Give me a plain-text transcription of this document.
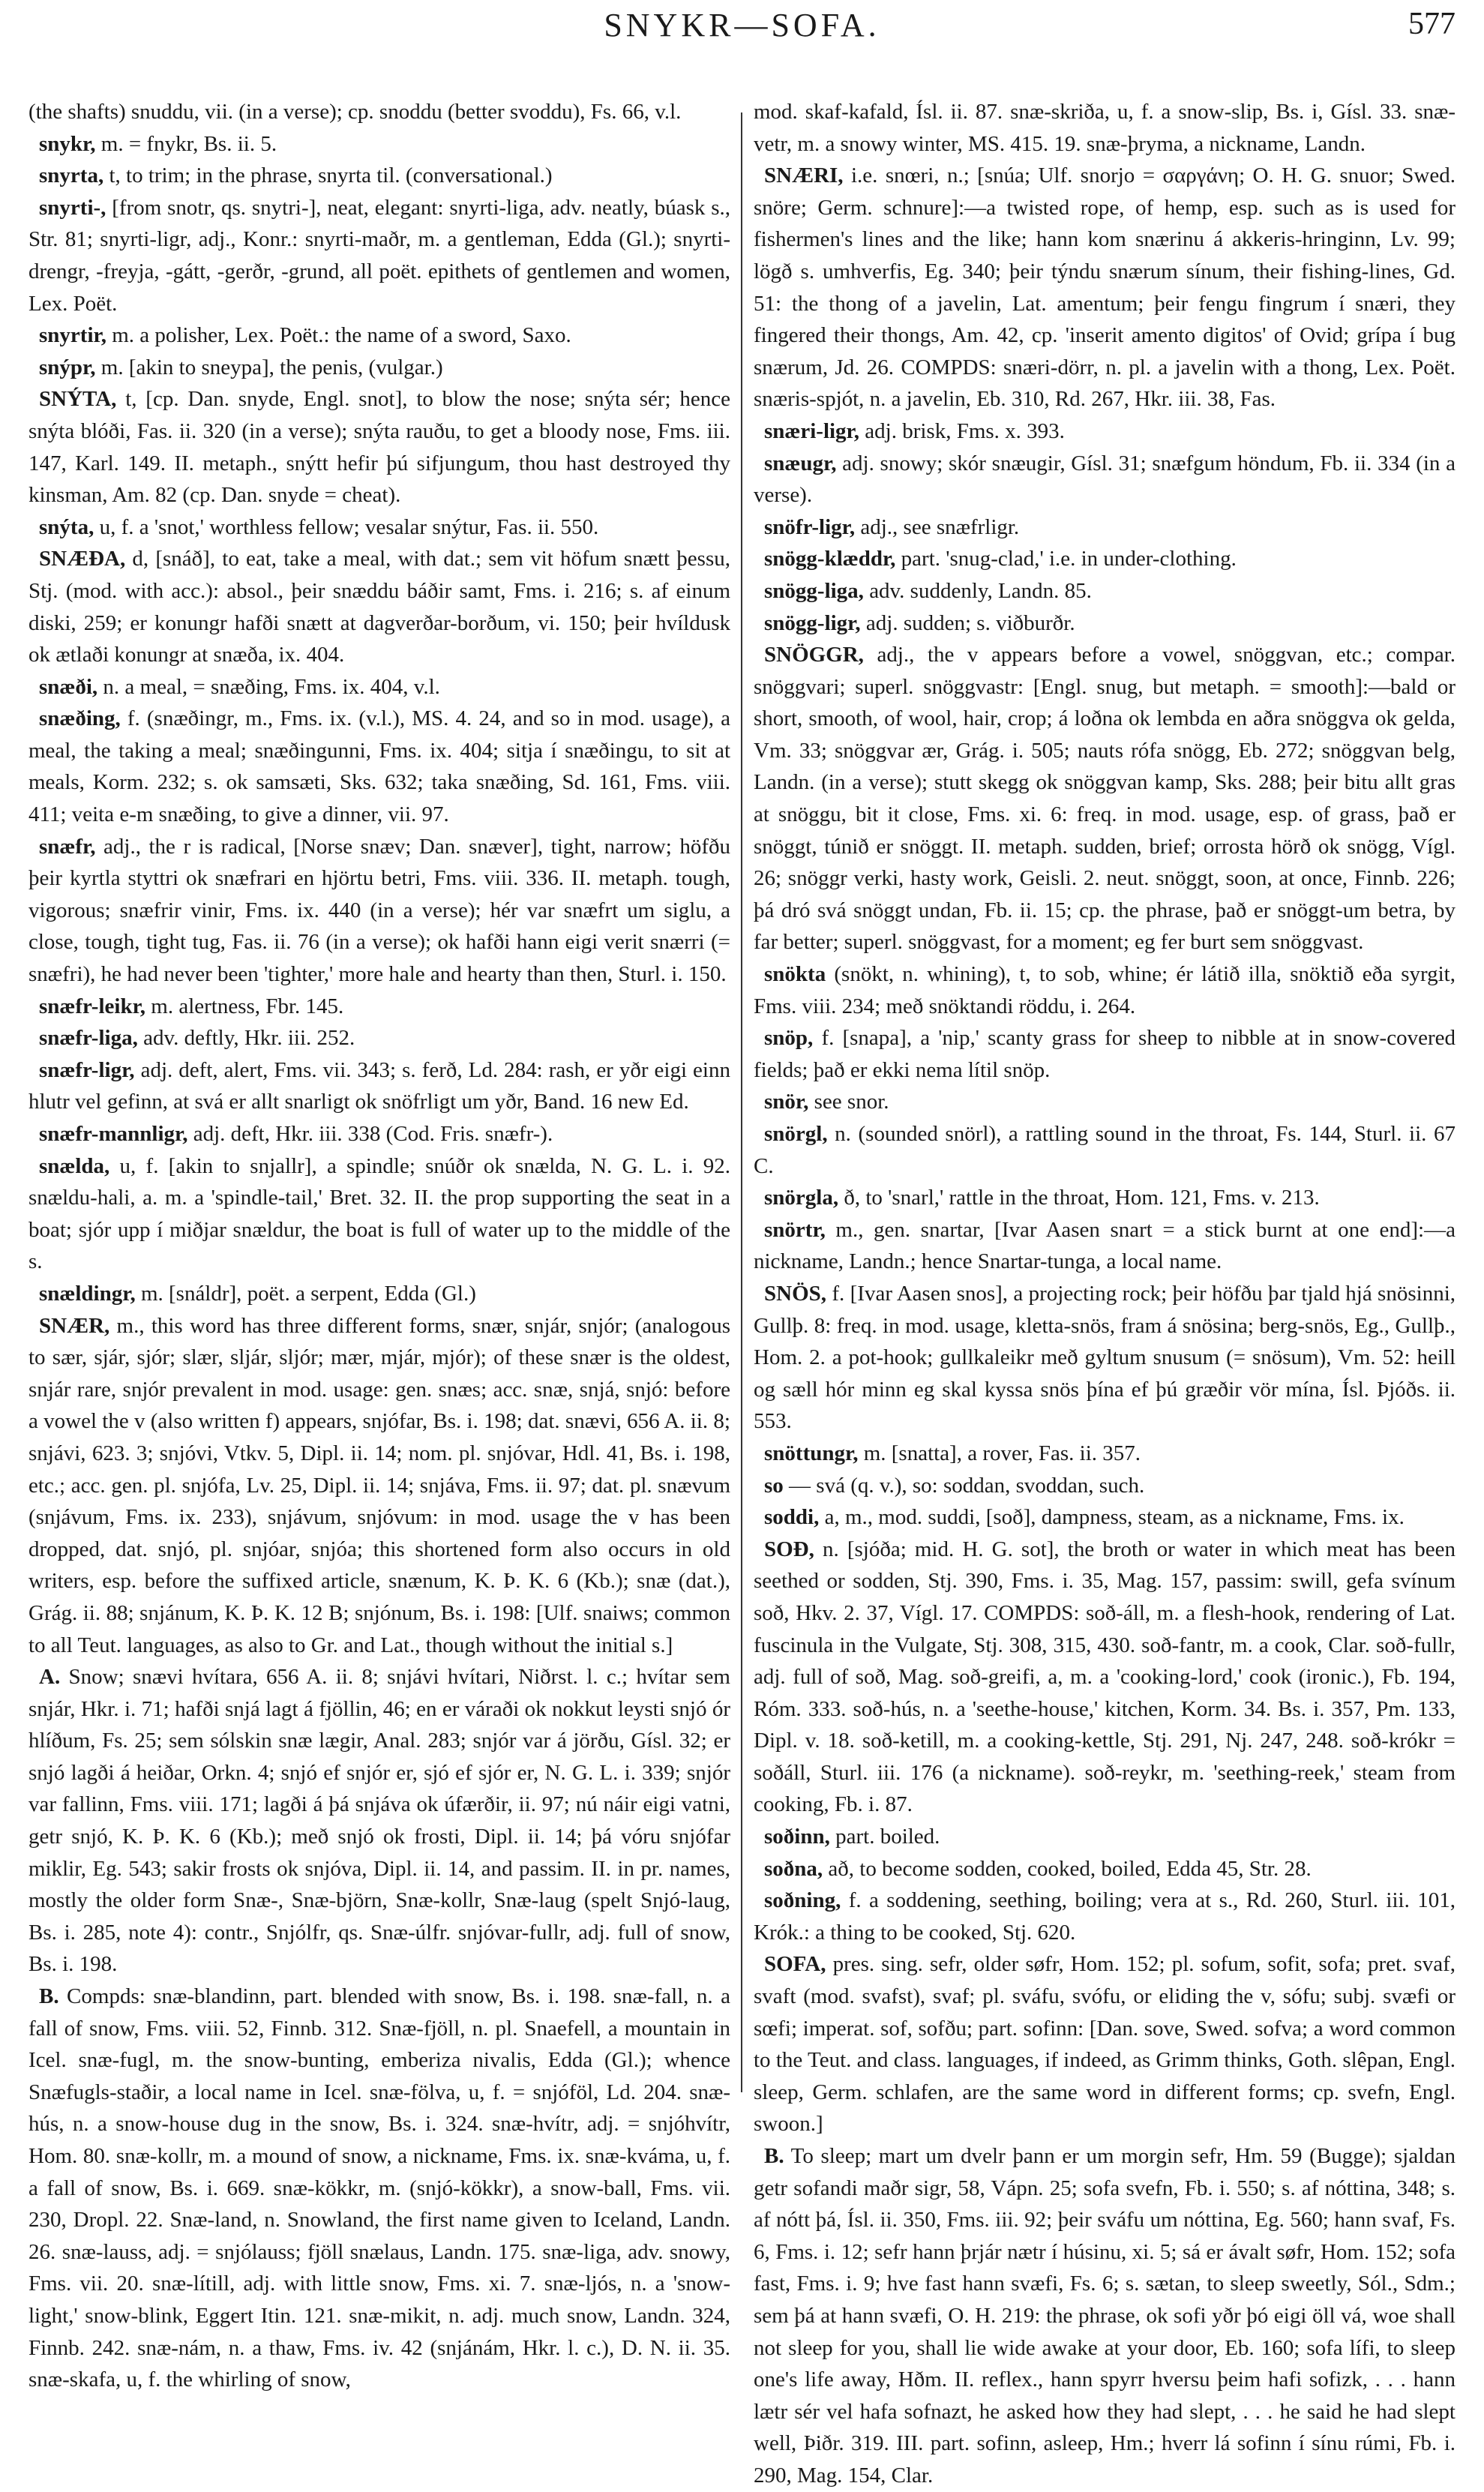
SNYKR—SOFA.	577

(the shafts) snuddu, vii. (in a verse); cp. snoddu (better svoddu), Fs. 66, v.l.

snykr, m. = fnykr, Bs. ii. 5.

snyrta, t, to trim; in the phrase, snyrta til. (conversational.)

snyrti-, [from snotr, qs. snytri-], neat, elegant: snyrti-liga, adv. neatly, búask s., Str. 81; snyrti-ligr, adj., Konr.: snyrti-maðr, m. a gentleman, Edda (Gl.); snyrti-drengr, -freyja, -gátt, -gerðr, -grund, all poët. epithets of gentlemen and women, Lex. Poët.

snyrtir, m. a polisher, Lex. Poët.: the name of a sword, Saxo.

snýpr, m. [akin to sneypa], the penis, (vulgar.)

SNÝTA, t, [cp. Dan. snyde, Engl. snot], to blow the nose; snýta sér; hence snýta blóði, Fas. ii. 320 (in a verse); snýta rauðu, to get a bloody nose, Fms. iii. 147, Karl. 149. II. metaph., snýtt hefir þú sifjungum, thou hast destroyed thy kinsman, Am. 82 (cp. Dan. snyde = cheat).

snýta, u, f. a 'snot,' worthless fellow; vesalar snýtur, Fas. ii. 550.

SNÆÐA, d, [snáð], to eat, take a meal, with dat.; sem vit höfum snætt þessu, Stj. (mod. with acc.): absol., þeir snæddu báðir samt, Fms. i. 216; s. af einum diski, 259; er konungr hafði snætt at dagverðar-borðum, vi. 150; þeir hvíldusk ok ætlaði konungr at snæða, ix. 404.

snæði, n. a meal, = snæðing, Fms. ix. 404, v.l.

snæðing, f. (snæðingr, m., Fms. ix. (v.l.), MS. 4. 24, and so in mod. usage), a meal, the taking a meal; snæðingunni, Fms. ix. 404; sitja í snæðingu, to sit at meals, Korm. 232; s. ok samsæti, Sks. 632; taka snæðing, Sd. 161, Fms. viii. 411; veita e-m snæðing, to give a dinner, vii. 97.

snæfr, adj., the r is radical, [Norse snæv; Dan. snæver], tight, narrow; höfðu þeir kyrtla styttri ok snæfrari en hjörtu betri, Fms. viii. 336. II. metaph. tough, vigorous; snæfrir vinir, Fms. ix. 440 (in a verse); hér var snæfrt um siglu, a close, tough, tight tug, Fas. ii. 76 (in a verse); ok hafði hann eigi verit snærri (= snæfri), he had never been 'tighter,' more hale and hearty than then, Sturl. i. 150.

snæfr-leikr, m. alertness, Fbr. 145.

snæfr-liga, adv. deftly, Hkr. iii. 252.

snæfr-ligr, adj. deft, alert, Fms. vii. 343; s. ferð, Ld. 284: rash, er yðr eigi einn hlutr vel gefinn, at svá er allt snarligt ok snöfrligt um yðr, Band. 16 new Ed.

snæfr-mannligr, adj. deft, Hkr. iii. 338 (Cod. Fris. snæfr-).

snælda, u, f. [akin to snjallr], a spindle; snúðr ok snælda, N. G. L. i. 92. snældu-hali, a. m. a 'spindle-tail,' Bret. 32. II. the prop supporting the seat in a boat; sjór upp í miðjar snældur, the boat is full of water up to the middle of the s.

snældingr, m. [snáldr], poët. a serpent, Edda (Gl.)

SNÆR, m., this word has three different forms, snær, snjár, snjór; (analogous to sær, sjár, sjór; slær, sljár, sljór; mær, mjár, mjór); of these snær is the oldest, snjár rare, snjór prevalent in mod. usage: gen. snæs; acc. snæ, snjá, snjó: before a vowel the v (also written f) appears, snjófar, Bs. i. 198; dat. snævi, 656 A. ii. 8; snjávi, 623. 3; snjóvi, Vtkv. 5, Dipl. ii. 14; nom. pl. snjóvar, Hdl. 41, Bs. i. 198, etc.; acc. gen. pl. snjófa, Lv. 25, Dipl. ii. 14; snjáva, Fms. ii. 97; dat. pl. snævum (snjávum, Fms. ix. 233), snjávum, snjóvum: in mod. usage the v has been dropped, dat. snjó, pl. snjóar, snjóa; this shortened form also occurs in old writers, esp. before the suffixed article, snænum, K. Þ. K. 6 (Kb.); snæ (dat.), Grág. ii. 88; snjánum, K. Þ. K. 12 B; snjónum, Bs. i. 198: [Ulf. snaiws; common to all Teut. languages, as also to Gr. and Lat., though without the initial s.]

A. Snow; snævi hvítara, 656 A. ii. 8; snjávi hvítari, Niðrst. l. c.; hvítar sem snjár, Hkr. i. 71; hafði snjá lagt á fjöllin, 46; en er váraði ok nokkut leysti snjó ór hlíðum, Fs. 25; sem sólskin snæ lægir, Anal. 283; snjór var á jörðu, Gísl. 32; er snjó lagði á heiðar, Orkn. 4; snjó ef snjór er, sjó ef sjór er, N. G. L. i. 339; snjór var fallinn, Fms. viii. 171; lagði á þá snjáva ok úfærðir, ii. 97; nú náir eigi vatni, getr snjó, K. Þ. K. 6 (Kb.); með snjó ok frosti, Dipl. ii. 14; þá vóru snjófar miklir, Eg. 543; sakir frosts ok snjóva, Dipl. ii. 14, and passim. II. in pr. names, mostly the older form Snæ-, Snæ-björn, Snæ-kollr, Snæ-laug (spelt Snjó-laug, Bs. i. 285, note 4): contr., Snjólfr, qs. Snæ-úlfr. snjóvar-fullr, adj. full of snow, Bs. i. 198.

B. Compds: snæ-blandinn, part. blended with snow, Bs. i. 198. snæ-fall, n. a fall of snow, Fms. viii. 52, Finnb. 312. Snæ-fjöll, n. pl. Snaefell, a mountain in Icel. snæ-fugl, m. the snow-bunting, emberiza nivalis, Edda (Gl.); whence Snæfugls-staðir, a local name in Icel. snæ-fölva, u, f. = snjóföl, Ld. 204. snæ-hús, n. a snow-house dug in the snow, Bs. i. 324. snæ-hvítr, adj. = snjóhvítr, Hom. 80. snæ-kollr, m. a mound of snow, a nickname, Fms. ix. snæ-kváma, u, f. a fall of snow, Bs. i. 669. snæ-kökkr, m. (snjó-kökkr), a snow-ball, Fms. vii. 230, Dropl. 22. Snæ-land, n. Snowland, the first name given to Iceland, Landn. 26. snæ-lauss, adj. = snjólauss; fjöll snælaus, Landn. 175. snæ-liga, adv. snowy, Fms. vii. 20. snæ-lítill, adj. with little snow, Fms. xi. 7. snæ-ljós, n. a 'snow-light,' snow-blink, Eggert Itin. 121. snæ-mikit, n. adj. much snow, Landn. 324, Finnb. 242. snæ-nám, n. a thaw, Fms. iv. 42 (snjánám, Hkr. l. c.), D. N. ii. 35. snæ-skafa, u, f. the whirling of snow,

mod. skaf-kafald, Ísl. ii. 87. snæ-skriða, u, f. a snow-slip, Bs. i, Gísl. 33. snæ-vetr, m. a snowy winter, MS. 415. 19. snæ-þryma, a nickname, Landn.

SNÆRI, i.e. snœri, n.; [snúa; Ulf. snorjo = σαργάνη; O. H. G. snuor; Swed. snöre; Germ. schnure]:—a twisted rope, of hemp, esp. such as is used for fishermen's lines and the like; hann kom snærinu á akkeris-hringinn, Lv. 99; lögð s. umhverfis, Eg. 340; þeir týndu snærum sínum, their fishing-lines, Gd. 51: the thong of a javelin, Lat. amentum; þeir fengu fingrum í snæri, they fingered their thongs, Am. 42, cp. 'inserit amento digitos' of Ovid; grípa í bug snærum, Jd. 26. COMPDS: snæri-dörr, n. pl. a javelin with a thong, Lex. Poët. snæris-spjót, n. a javelin, Eb. 310, Rd. 267, Hkr. iii. 38, Fas.

snæri-ligr, adj. brisk, Fms. x. 393.

snæugr, adj. snowy; skór snæugir, Gísl. 31; snæfgum höndum, Fb. ii. 334 (in a verse).

snöfr-ligr, adj., see snæfrligr.

snögg-klæddr, part. 'snug-clad,' i.e. in under-clothing.

snögg-liga, adv. suddenly, Landn. 85.

snögg-ligr, adj. sudden; s. viðburðr.

SNÖGGR, adj., the v appears before a vowel, snöggvan, etc.; compar. snöggvari; superl. snöggvastr: [Engl. snug, but metaph. = smooth]:—bald or short, smooth, of wool, hair, crop; á loðna ok lembda en aðra snöggva ok gelda, Vm. 33; snöggvar ær, Grág. i. 505; nauts rófa snögg, Eb. 272; snöggvan belg, Landn. (in a verse); stutt skegg ok snöggvan kamp, Sks. 288; þeir bitu allt gras at snöggu, bit it close, Fms. xi. 6: freq. in mod. usage, esp. of grass, það er snöggt, túnið er snöggt. II. metaph. sudden, brief; orrosta hörð ok snögg, Vígl. 26; snöggr verki, hasty work, Geisli. 2. neut. snöggt, soon, at once, Finnb. 226; þá dró svá snöggt undan, Fb. ii. 15; cp. the phrase, það er snöggt-um betra, by far better; superl. snöggvast, for a moment; eg fer burt sem snöggvast.

snökta (snökt, n. whining), t, to sob, whine; ér látið illa, snöktið eða syrgit, Fms. viii. 234; með snöktandi röddu, i. 264.

snöp, f. [snapa], a 'nip,' scanty grass for sheep to nibble at in snow-covered fields; það er ekki nema lítil snöp.

snör, see snor.

snörgl, n. (sounded snörl), a rattling sound in the throat, Fs. 144, Sturl. ii. 67 C.

snörgla, ð, to 'snarl,' rattle in the throat, Hom. 121, Fms. v. 213.

snörtr, m., gen. snartar, [Ivar Aasen snart = a stick burnt at one end]:—a nickname, Landn.; hence Snartar-tunga, a local name.

SNÖS, f. [Ivar Aasen snos], a projecting rock; þeir höfðu þar tjald hjá snösinni, Gullþ. 8: freq. in mod. usage, kletta-snös, fram á snösina; berg-snös, Eg., Gullþ., Hom. 2. a pot-hook; gullkaleikr með gyltum snusum (= snösum), Vm. 52: heill og sæll hór minn eg skal kyssa snös þína ef þú græðir vör mína, Ísl. Þjóðs. ii. 553.

snöttungr, m. [snatta], a rover, Fas. ii. 357.

so — svá (q. v.), so: soddan, svoddan, such.

soddi, a, m., mod. suddi, [soð], dampness, steam, as a nickname, Fms. ix.

SOÐ, n. [sjóða; mid. H. G. sot], the broth or water in which meat has been seethed or sodden, Stj. 390, Fms. i. 35, Mag. 157, passim: swill, gefa svínum soð, Hkv. 2. 37, Vígl. 17. COMPDS: soð-áll, m. a flesh-hook, rendering of Lat. fuscinula in the Vulgate, Stj. 308, 315, 430. soð-fantr, m. a cook, Clar. soð-fullr, adj. full of soð, Mag. soð-greifi, a, m. a 'cooking-lord,' cook (ironic.), Fb. 194, Róm. 333. soð-hús, n. a 'seethe-house,' kitchen, Korm. 34. Bs. i. 357, Pm. 133, Dipl. v. 18. soð-ketill, m. a cooking-kettle, Stj. 291, Nj. 247, 248. soð-krókr = soðáll, Sturl. iii. 176 (a nickname). soð-reykr, m. 'seething-reek,' steam from cooking, Fb. i. 87.

soðinn, part. boiled.

soðna, að, to become sodden, cooked, boiled, Edda 45, Str. 28.

soðning, f. a soddening, seething, boiling; vera at s., Rd. 260, Sturl. iii. 101, Krók.: a thing to be cooked, Stj. 620.

SOFA, pres. sing. sefr, older søfr, Hom. 152; pl. sofum, sofit, sofa; pret. svaf, svaft (mod. svafst), svaf; pl. sváfu, svófu, or eliding the v, sófu; subj. svæfi or sœfi; imperat. sof, sofðu; part. sofinn: [Dan. sove, Swed. sofva; a word common to the Teut. and class. languages, if indeed, as Grimm thinks, Goth. slêpan, Engl. sleep, Germ. schlafen, are the same word in different forms; cp. svefn, Engl. swoon.]

B. To sleep; mart um dvelr þann er um morgin sefr, Hm. 59 (Bugge); sjaldan getr sofandi maðr sigr, 58, Vápn. 25; sofa svefn, Fb. i. 550; s. af nóttina, 348; s. af nótt þá, Ísl. ii. 350, Fms. iii. 92; þeir sváfu um nóttina, Eg. 560; hann svaf, Fs. 6, Fms. i. 12; sefr hann þrjár nætr í húsinu, xi. 5; sá er ávalt søfr, Hom. 152; sofa fast, Fms. i. 9; hve fast hann svæfi, Fs. 6; s. sætan, to sleep sweetly, Sól., Sdm.; sem þá at hann svæfi, O. H. 219: the phrase, ok sofi yðr þó eigi öll vá, woe shall not sleep for you, shall lie wide awake at your door, Eb. 160; sofa lífi, to sleep one's life away, Hðm. II. reflex., hann spyrr hversu þeim hafi sofizk, . . . hann lætr sér vel hafa sofnazt, he asked how they had slept, . . . he said he had slept well, Þiðr. 319. III. part. sofinn, asleep, Hm.; hverr lá sofinn í sínu rúmi, Fb. i. 290, Mag. 154, Clar.
